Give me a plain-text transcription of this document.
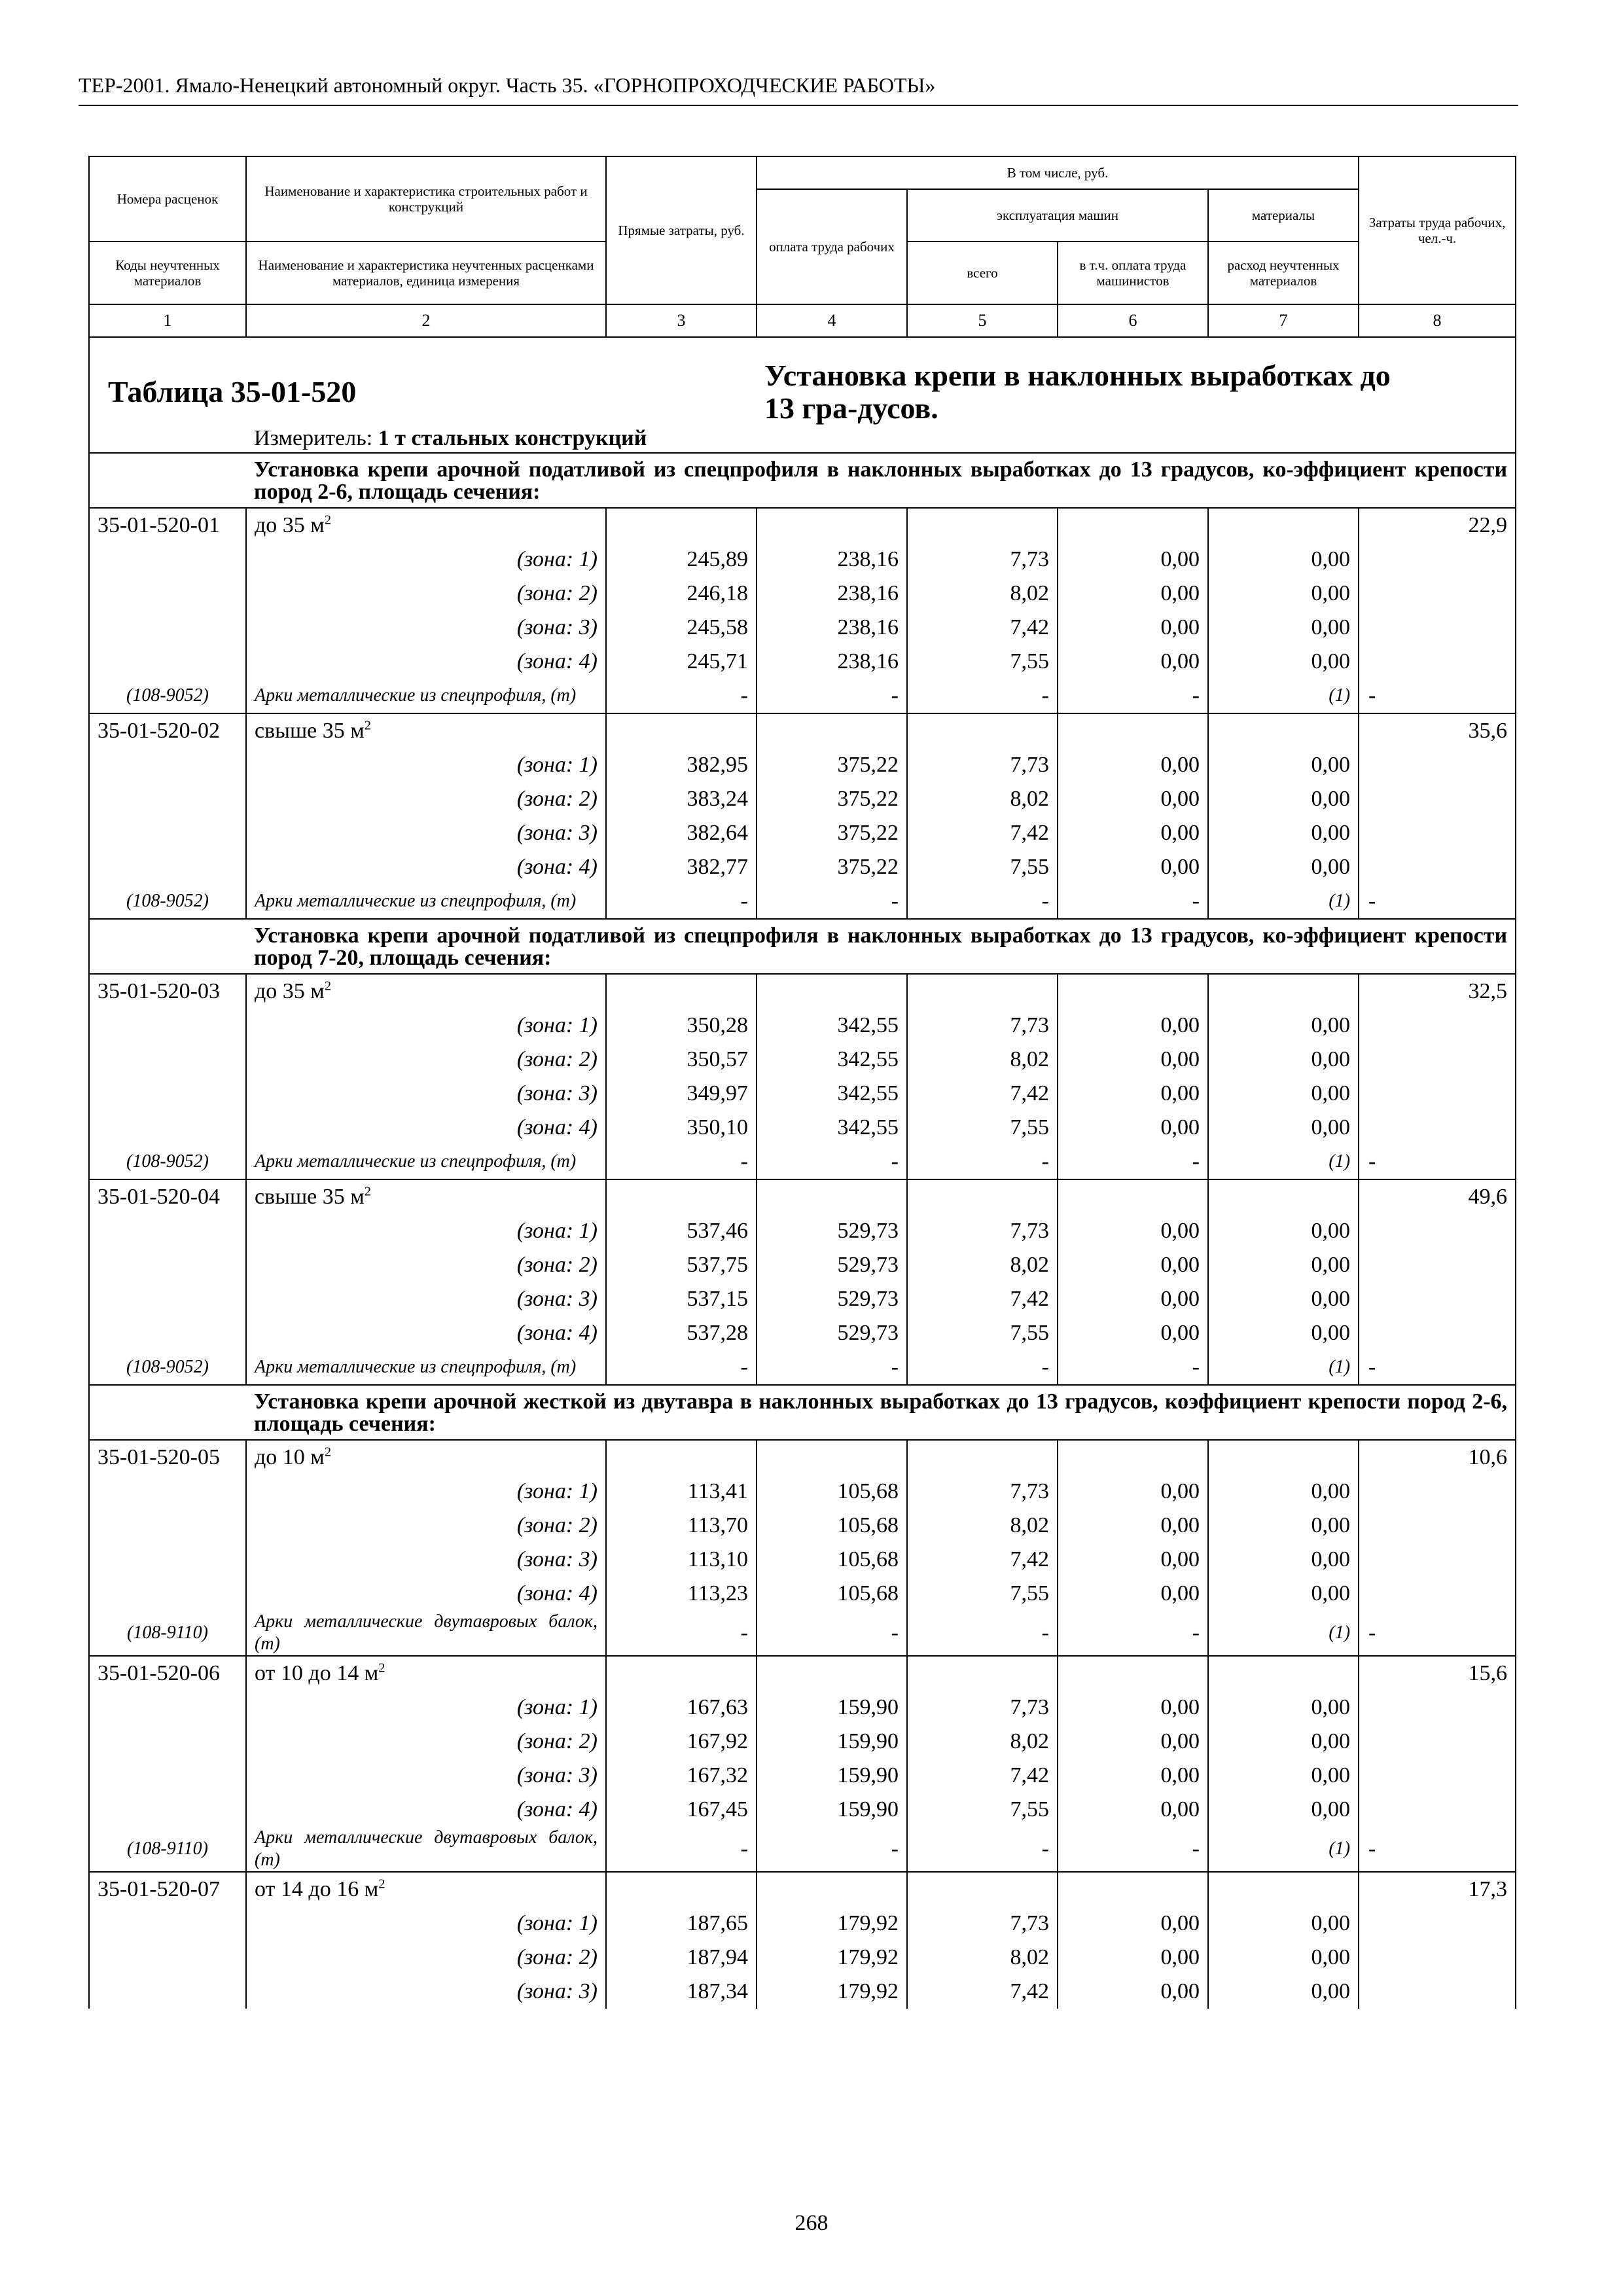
ТЕР-2001. Ямало-Ненецкий автономный округ. Часть 35. «ГОРНОПРОХОДЧЕСКИЕ РАБОТЫ»
Номера расценок	Наименование и характеристика строительных работ и конструкций	Прямые затраты, руб.	В том числе, руб.				Затраты труда рабочих, чел.-ч.
			оплата труда рабочих	эксплуатация машин		материалы	
Коды неучтенных материалов	Наименование и характеристика неучтенных расценками материалов, единица измерения			всего	в т.ч. оплата труда машинистов	расход неучтенных материалов	
1	2	3	4	5	6	7	8

Таблица 35-01-520			Установка крепи в наклонных выработках до 13 гра-дусов.				
	Измеритель: 1 т стальных конструкций						
	Установка крепи арочной податливой из спецпрофиля в наклонных выработках до 13 градусов, ко-эффициент крепости пород 2-6, площадь сечения:						
35-01-520-01	до 35 $м^2$						22,9
	(зона: 1)	245,89	238,16	7,73	0,00	0,00	
	(зона: 2)	246,18	238,16	8,02	0,00	0,00	
	(зона: 3)	245,58	238,16	7,42	0,00	0,00	
	(зона: 4)	245,71	238,16	7,55	0,00	0,00	
(108-9052)	Арки металлические из спецпрофиля, (т)	-	-	-	-	(1)	-
35-01-520-02	свыше 35 $м^2$						35,6
	(зона: 1)	382,95	375,22	7,73	0,00	0,00	
	(зона: 2)	383,24	375,22	8,02	0,00	0,00	
	(зона: 3)	382,64	375,22	7,42	0,00	0,00	
	(зона: 4)	382,77	375,22	7,55	0,00	0,00	
(108-9052)	Арки металлические из спецпрофиля, (т)	-	-	-	-	(1)	-
	Установка крепи арочной податливой из спецпрофиля в наклонных выработках до 13 градусов, ко-эффициент крепости пород 7-20, площадь сечения:						
35-01-520-03	до 35 $м^2$						32,5
	(зона: 1)	350,28	342,55	7,73	0,00	0,00	
	(зона: 2)	350,57	342,55	8,02	0,00	0,00	
	(зона: 3)	349,97	342,55	7,42	0,00	0,00	
	(зона: 4)	350,10	342,55	7,55	0,00	0,00	
(108-9052)	Арки металлические из спецпрофиля, (т)	-	-	-	-	(1)	-
35-01-520-04	свыше 35 $м^2$						49,6
	(зона: 1)	537,46	529,73	7,73	0,00	0,00	
	(зона: 2)	537,75	529,73	8,02	0,00	0,00	
	(зона: 3)	537,15	529,73	7,42	0,00	0,00	
	(зона: 4)	537,28	529,73	7,55	0,00	0,00	
(108-9052)	Арки металлические из спецпрофиля, (т)	-	-	-	-	(1)	-
	Установка крепи арочной жесткой из двутавра в наклонных выработках до 13 градусов, коэффициент крепости пород 2-6, площадь сечения:						
35-01-520-05	до 10 $м^2$						10,6
	(зона: 1)	113,41	105,68	7,73	0,00	0,00	
	(зона: 2)	113,70	105,68	8,02	0,00	0,00	
	(зона: 3)	113,10	105,68	7,42	0,00	0,00	
	(зона: 4)	113,23	105,68	7,55	0,00	0,00	
(108-9110)	Арки металлические двутавровых балок, (т)	-	-	-	-	(1)	-
35-01-520-06	от 10 до 14 $м^2$						15,6
	(зона: 1)	167,63	159,90	7,73	0,00	0,00	
	(зона: 2)	167,92	159,90	8,02	0,00	0,00	
	(зона: 3)	167,32	159,90	7,42	0,00	0,00	
	(зона: 4)	167,45	159,90	7,55	0,00	0,00	
(108-9110)	Арки металлические двутавровых балок, (т)	-	-	-	-	(1)	-
35-01-520-07	от 14 до 16 $м^2$						17,3
	(зона: 1)	187,65	179,92	7,73	0,00	0,00	
	(зона: 2)	187,94	179,92	8,02	0,00	0,00	
	(зона: 3)	187,34	179,92	7,42	0,00	0,00	
268
